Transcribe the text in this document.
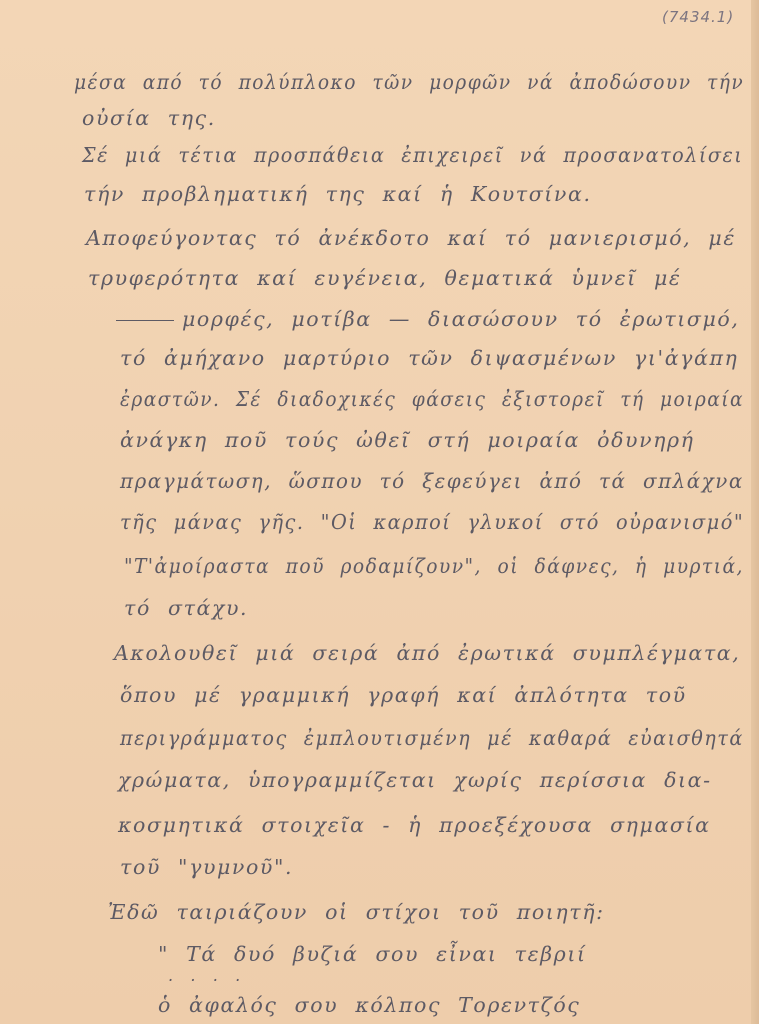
(7434.1)
μέσα από τό πολύπλοκο τῶν μορφῶν νά ἀποδώσουν τήν
οὐσία της.
Σέ μιά τέτια προσπάθεια ἐπιχειρεῖ νά προσανατολίσει
τήν προβληματική της καί ἡ Κουτσίνα.
Αποφεύγοντας τό ἀνέκδοτο καί τό μανιερισμό, μέ
τρυφερότητα καί ευγένεια, θεματικά ὑμνεῖ μέ
μορφές, μοτίβα — διασώσουν τό ἐρωτισμό,
τό ἀμήχανο μαρτύριο τῶν διψασμένων γι'ἀγάπη
ἐραστῶν. Σέ διαδοχικές φάσεις ἐξιστορεῖ τή μοιραία
ἀνάγκη ποῦ τούς ὠθεῖ στή μοιραία ὀδυνηρή
πραγμάτωση, ὥσπου τό ξεφεύγει ἀπό τά σπλάχνα
τῆς μάνας γῆς. "Οἱ καρποί γλυκοί στό οὐρανισμό"
"Τ'ἀμοίραστα ποῦ ροδαμίζουν", οἱ δάφνες, ἡ μυρτιά,
τό στάχυ.
Ακολουθεῖ μιά σειρά ἀπό ἐρωτικά συμπλέγματα,
ὅπου μέ γραμμική γραφή καί ἀπλότητα τοῦ
περιγράμματος ἐμπλουτισμένη μέ καθαρά εὐαισθητά
χρώματα, ὑπογραμμίζεται χωρίς περίσσια δια-
κοσμητικά στοιχεῖα - ἡ προεξέχουσα σημασία
τοῦ "γυμνοῦ".
Ἐδῶ ταιριάζουν οἱ στίχοι τοῦ ποιητῆ:
" Τά δυό βυζιά σου εἶναι τεβριί
. . . .
ὁ ἀφαλός σου κόλπος Τορεντζός
